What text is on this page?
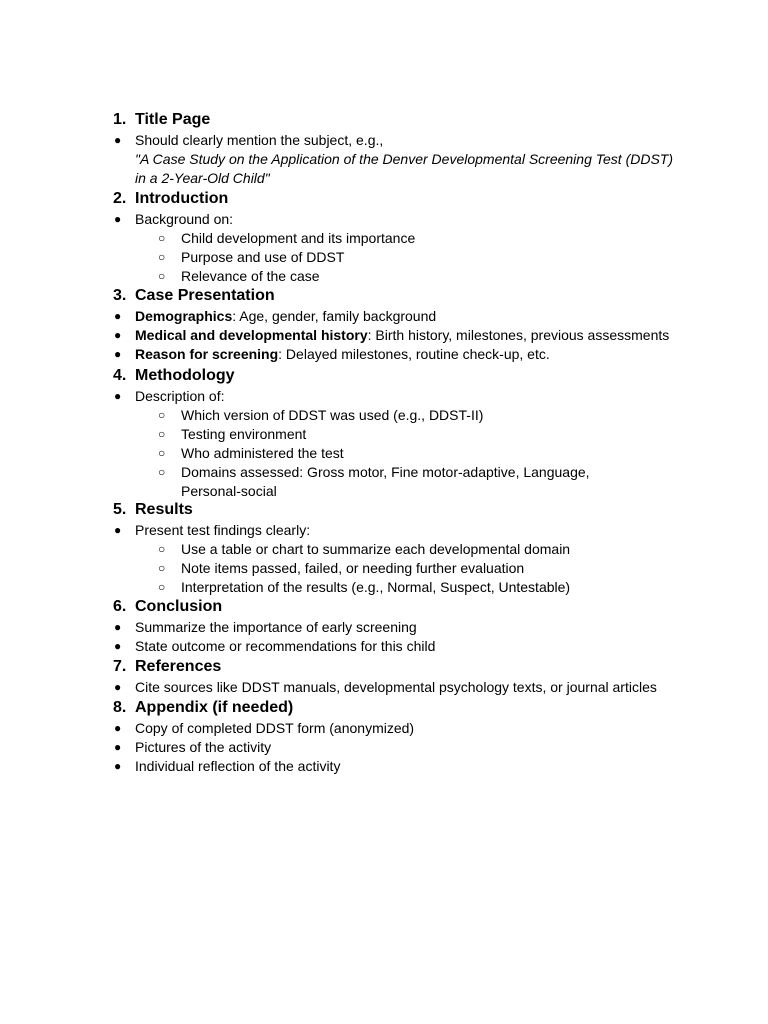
1. Title Page
● Should clearly mention the subject, e.g.,
"A Case Study on the Application of the Denver Developmental Screening Test (DDST)
in a 2-Year-Old Child"
2. Introduction
● Background on:
○ Child development and its importance
○ Purpose and use of DDST
○ Relevance of the case
3. Case Presentation
● Demographics: Age, gender, family background
● Medical and developmental history: Birth history, milestones, previous assessments
● Reason for screening: Delayed milestones, routine check-up, etc.
4. Methodology
● Description of:
○ Which version of DDST was used (e.g., DDST-II)
○ Testing environment
○ Who administered the test
○ Domains assessed: Gross motor, Fine motor-adaptive, Language,
Personal-social
5. Results
● Present test findings clearly:
○ Use a table or chart to summarize each developmental domain
○ Note items passed, failed, or needing further evaluation
○ Interpretation of the results (e.g., Normal, Suspect, Untestable)
6. Conclusion
● Summarize the importance of early screening
● State outcome or recommendations for this child
7. References
● Cite sources like DDST manuals, developmental psychology texts, or journal articles
8. Appendix (if needed)
● Copy of completed DDST form (anonymized)
● Pictures of the activity
● Individual reflection of the activity
